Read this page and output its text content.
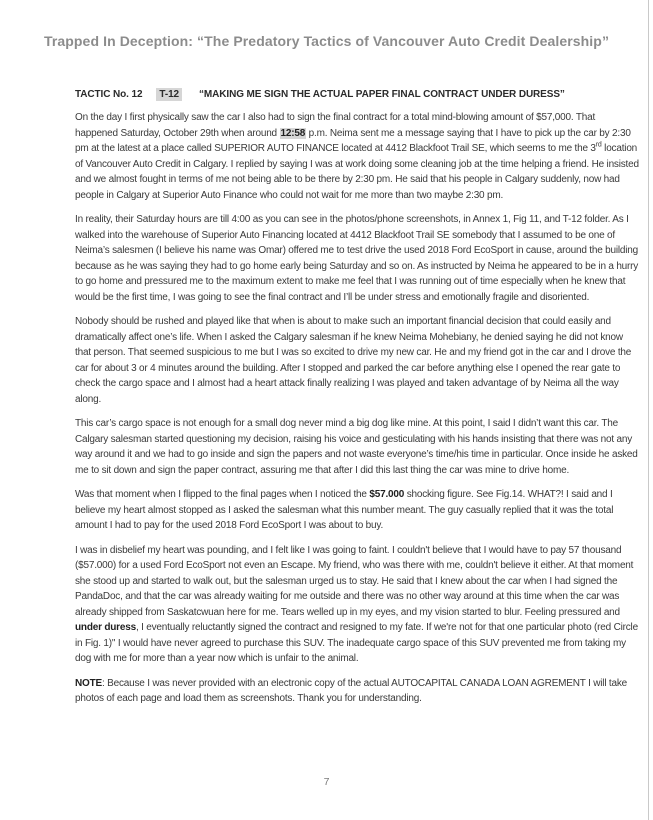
Trapped In Deception: “The Predatory Tactics of Vancouver Auto Credit Dealership”
TACTIC No. 12 T-12 “MAKING ME SIGN THE ACTUAL PAPER FINAL CONTRACT UNDER DURESS”

On the day I first physically saw the car I also had to sign the final contract for a total mind-blowing amount of $57,000. That happened Saturday, October 29th when around 12:58 p.m. Neima sent me a message saying that I have to pick up the car by 2:30 pm at the latest at a place called SUPERIOR AUTO FINANCE located at 4412 Blackfoot Trail SE, which seems to me the 3rd location of Vancouver Auto Credit in Calgary. I replied by saying I was at work doing some cleaning job at the time helping a friend. He insisted and we almost fought in terms of me not being able to be there by 2:30 pm. He said that his people in Calgary suddenly, now had people in Calgary at Superior Auto Finance who could not wait for me more than two maybe 2:30 pm.

In reality, their Saturday hours are till 4:00 as you can see in the photos/phone screenshots, in Annex 1, Fig 11, and T-12 folder. As I walked into the warehouse of Superior Auto Financing located at 4412 Blackfoot Trail SE somebody that I assumed to be one of Neima’s salesmen (I believe his name was Omar) offered me to test drive the used 2018 Ford EcoSport in cause, around the building because as he was saying they had to go home early being Saturday and so on. As instructed by Neima he appeared to be in a hurry to go home and pressured me to the maximum extent to make me feel that I was running out of time especially when he knew that would be the first time, I was going to see the final contract and I’ll be under stress and emotionally fragile and disoriented.

Nobody should be rushed and played like that when is about to make such an important financial decision that could easily and dramatically affect one’s life. When I asked the Calgary salesman if he knew Neima Mohebiany, he denied saying he did not know that person. That seemed suspicious to me but I was so excited to drive my new car. He and my friend got in the car and I drove the car for about 3 or 4 minutes around the building. After I stopped and parked the car before anything else I opened the rear gate to check the cargo space and I almost had a heart attack finally realizing I was played and taken advantage of by Neima all the way along.

This car’s cargo space is not enough for a small dog never mind a big dog like mine. At this point, I said I didn’t want this car. The Calgary salesman started questioning my decision, raising his voice and gesticulating with his hands insisting that there was not any way around it and we had to go inside and sign the papers and not waste everyone’s time/his time in particular. Once inside he asked me to sit down and sign the paper contract, assuring me that after I did this last thing the car was mine to drive home.

Was that moment when I flipped to the final pages when I noticed the $57.000 shocking figure. See Fig.14. WHAT?! I said and I believe my heart almost stopped as I asked the salesman what this number meant. The guy casually replied that it was the total amount I had to pay for the used 2018 Ford EcoSport I was about to buy.

I was in disbelief my heart was pounding, and I felt like I was going to faint. I couldn't believe that I would have to pay 57 thousand ($57.000) for a used Ford EcoSport not even an Escape. My friend, who was there with me, couldn't believe it either. At that moment she stood up and started to walk out, but the salesman urged us to stay. He said that I knew about the car when I had signed the PandaDoc, and that the car was already waiting for me outside and there was no other way around at this time when the car was already shipped from Saskatcwuan here for me. Tears welled up in my eyes, and my vision started to blur. Feeling pressured and under duress, I eventually reluctantly signed the contract and resigned to my fate. If we're not for that one particular photo (red Circle in Fig. 1)" I would have never agreed to purchase this SUV. The inadequate cargo space of this SUV prevented me from taking my dog with me for more than a year now which is unfair to the animal.

NOTE: Because I was never provided with an electronic copy of the actual AUTOCAPITAL CANADA LOAN AGREMENT I will take photos of each page and load them as screenshots. Thank you for understanding.

7
